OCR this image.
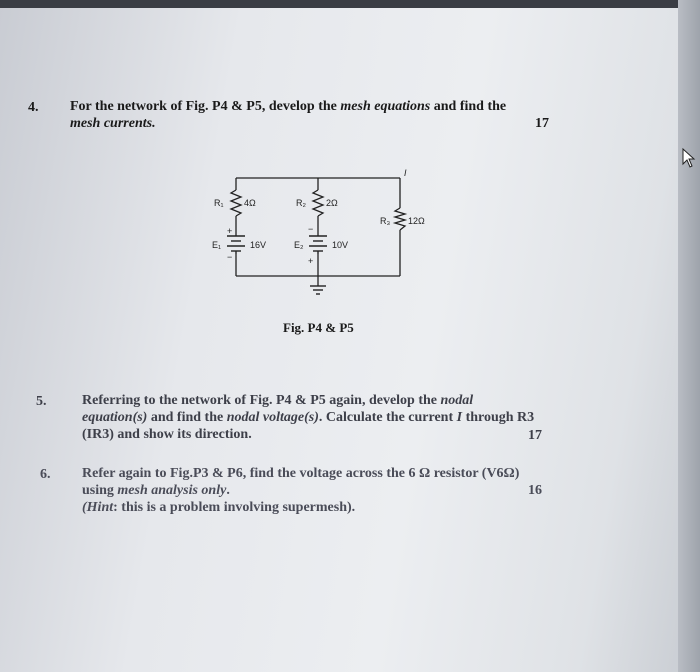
4. For the network of Fig. P4 & P5, develop the mesh equations and find the
mesh currents.	17
+
−
−
+
R₁ 4Ω	R₂ 2Ω
R₃ 12Ω
E₁	16V	E₂	10V
I
Fig. P4 & P5
5.	Referring to the network of Fig. P4 & P5 again, develop the nodal
equation(s) and find the nodal voltage(s). Calculate the current I through R3
(IR3) and show its direction.	17
6. Refer again to Fig.P3 & P6, find the voltage across the 6 Ω resistor (V6Ω)
using mesh analysis only.
(Hint: this is a problem involving supermesh).
16
